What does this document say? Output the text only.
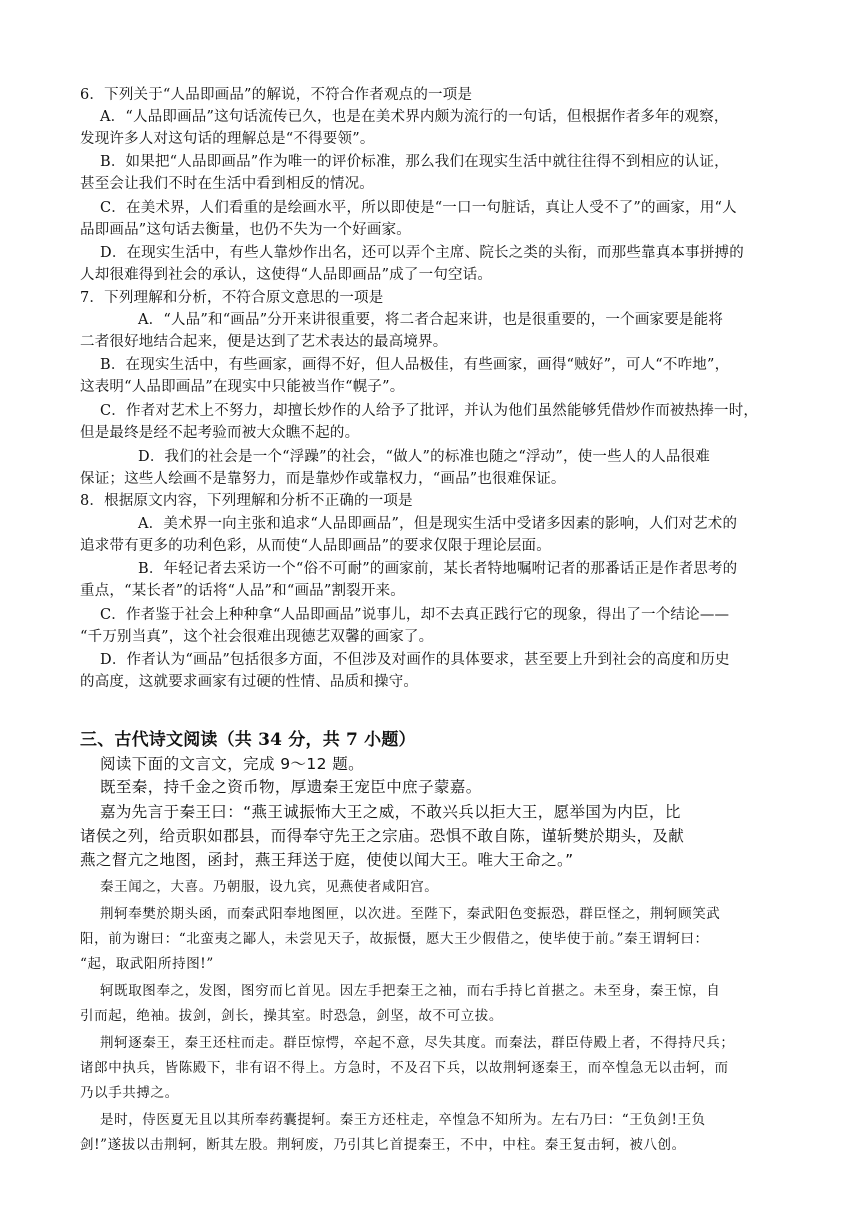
6．下列关于“人品即画品”的解说，不符合作者观点的一项是
A．“人品即画品”这句话流传已久，也是在美术界内颇为流行的一句话，但根据作者多年的观察，
发现许多人对这句话的理解总是“不得要领”。
B．如果把“人品即画品”作为唯一的评价标准，那么我们在现实生活中就往往得不到相应的认证，
甚至会让我们不时在生活中看到相反的情况。
C．在美术界，人们看重的是绘画水平，所以即使是“一口一句脏话，真让人受不了”的画家，用“人
品即画品”这句话去衡量，也仍不失为一个好画家。
D．在现实生活中，有些人靠炒作出名，还可以弄个主席、院长之类的头衔，而那些靠真本事拼搏的
人却很难得到社会的承认，这使得“人品即画品”成了一句空话。
7．下列理解和分析，不符合原文意思的一项是
A．“人品”和“画品”分开来讲很重要，将二者合起来讲，也是很重要的，一个画家要是能将
二者很好地结合起来，便是达到了艺术表达的最高境界。
B．在现实生活中，有些画家，画得不好，但人品极佳，有些画家，画得“贼好”，可人“不咋地”，
这表明“人品即画品”在现实中只能被当作“幌子”。
C．作者对艺术上不努力，却擅长炒作的人给予了批评，并认为他们虽然能够凭借炒作而被热捧一时，
但是最终是经不起考验而被大众瞧不起的。
D．我们的社会是一个“浮躁”的社会，“做人”的标准也随之“浮动”，使一些人的人品很难
保证；这些人绘画不是靠努力，而是靠炒作或靠权力，“画品”也很难保证。
8．根据原文内容，下列理解和分析不正确的一项是
A．美术界一向主张和追求“人品即画品”，但是现实生活中受诸多因素的影响，人们对艺术的
追求带有更多的功利色彩，从而使“人品即画品”的要求仅限于理论层面。
B．年轻记者去采访一个“俗不可耐”的画家前，某长者特地嘱咐记者的那番话正是作者思考的
重点，“某长者”的话将“人品”和“画品”割裂开来。
C．作者鉴于社会上种种拿“人品即画品”说事儿，却不去真正践行它的现象，得出了一个结论——
“千万别当真”，这个社会很难出现德艺双馨的画家了。
D．作者认为“画品”包括很多方面，不但涉及对画作的具体要求，甚至要上升到社会的高度和历史
的高度，这就要求画家有过硬的性情、品质和操守。
三、古代诗文阅读（共 34 分，共 7 小题）
阅读下面的文言文，完成 9～12 题。
既至秦，持千金之资币物，厚遗秦王宠臣中庶子蒙嘉。
嘉为先言于秦王曰：“燕王诚振怖大王之威，不敢兴兵以拒大王，愿举国为内臣，比
诸侯之列，给贡职如郡县，而得奉守先王之宗庙。恐惧不敢自陈，谨斩樊於期头，及献
燕之督亢之地图，函封，燕王拜送于庭，使使以闻大王。唯大王命之。”
秦王闻之，大喜。乃朝服，设九宾，见燕使者咸阳宫。
荆轲奉樊於期头函，而秦武阳奉地图匣，以次进。至陛下，秦武阳色变振恐，群臣怪之，荆轲顾笑武
阳，前为谢曰：“北蛮夷之鄙人，未尝见天子，故振慑，愿大王少假借之，使毕使于前。”秦王谓轲曰：
“起，取武阳所持图!”
轲既取图奉之，发图，图穷而匕首见。因左手把秦王之袖，而右手持匕首揕之。未至身，秦王惊，自
引而起，绝袖。拔剑，剑长，操其室。时恐急，剑坚，故不可立拔。
荆轲逐秦王，秦王还柱而走。群臣惊愕，卒起不意，尽失其度。而秦法，群臣侍殿上者，不得持尺兵；
诸郎中执兵，皆陈殿下，非有诏不得上。方急时，不及召下兵，以故荆轲逐秦王，而卒惶急无以击轲，而
乃以手共搏之。
是时，侍医夏无且以其所奉药囊提轲。秦王方还柱走，卒惶急不知所为。左右乃曰：“王负剑!王负
剑!”遂拔以击荆轲，断其左股。荆轲废，乃引其匕首提秦王，不中，中柱。秦王复击轲，被八创。
